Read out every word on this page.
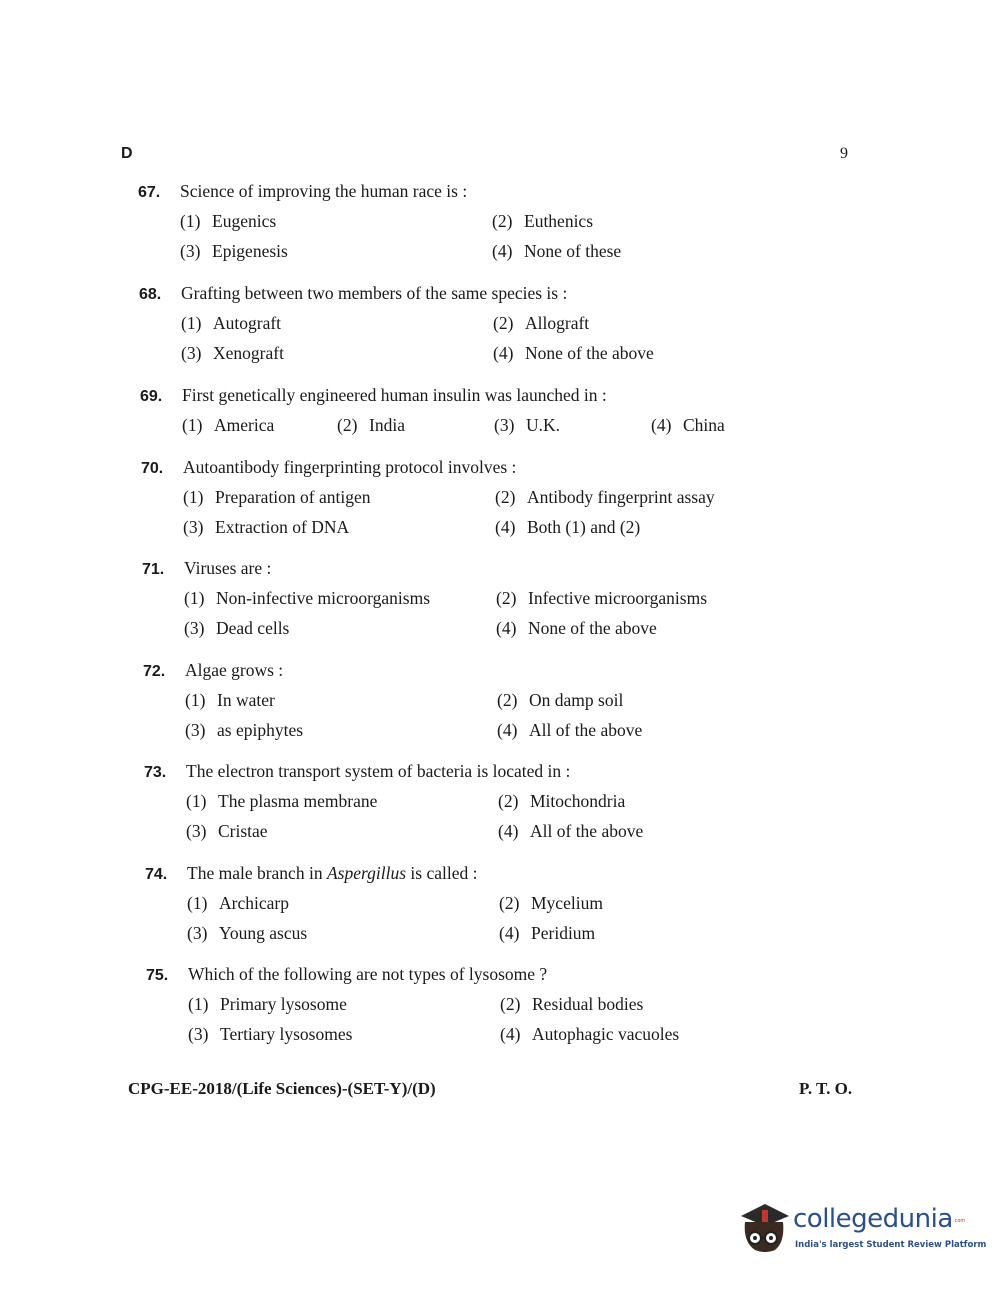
D	9
67.	Science of improving the human race is :
(1) Eugenics	(2) Euthenics
(3) Epigenesis	(4) None of these
68.	Grafting between two members of the same species is :
(1) Autograft	(2) Allograft
(3) Xenograft	(4) None of the above
69.	First genetically engineered human insulin was launched in :
(1) America	(2) India	(3) U.K.	(4) China
70.	Autoantibody fingerprinting protocol involves :
(1) Preparation of antigen	(2) Antibody fingerprint assay
(3) Extraction of DNA	(4) Both (1) and (2)
71.	Viruses are :
(1) Non-infective microorganisms	(2) Infective microorganisms
(3) Dead cells	(4) None of the above
72.	Algae grows :
(1) In water	(2) On damp soil
(3) as epiphytes	(4) All of the above
73.	The electron transport system of bacteria is located in :
(1) The plasma membrane	(2) Mitochondria
(3) Cristae	(4) All of the above
74.	The male branch in Aspergillus is called :
(1) Archicarp	(2) Mycelium
(3) Young ascus	(4) Peridium
75.	Which of the following are not types of lysosome ?
(1) Primary lysosome	(2) Residual bodies
(3) Tertiary lysosomes	(4) Autophagic vacuoles
CPG-EE-2018/(Life Sciences)-(SET-Y)/(D)	P. T. O.
collegedunia .com
India's largest Student Review Platform
